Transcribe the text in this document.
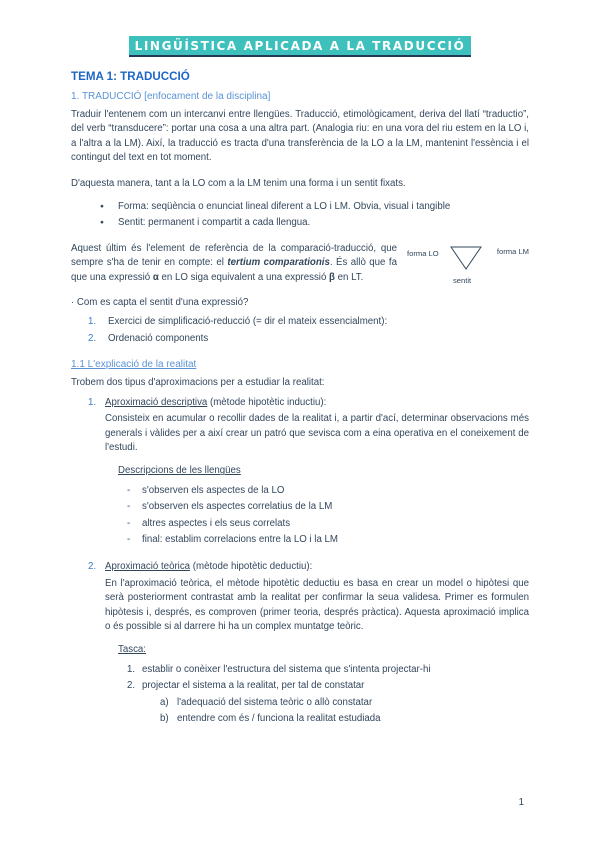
LINGÜÍSTICA APLICADA A LA TRADUCCIÓ
TEMA 1: TRADUCCIÓ
1. TRADUCCIÓ [enfocament de la disciplina]

Traduir l'entenem com un intercanvi entre llengües. Traducció, etimològicament, deriva del llatí “traductio”, del verb “transducere”: portar una cosa a una altra part. (Analogia riu: en una vora del riu estem en la LO i, a l'altra a la LM). Així, la traducció es tracta d'una transferència de la LO a la LM, mantenint l'essència i el contingut del text en tot moment.

D'aquesta manera, tant a la LO com a la LM tenim una forma i un sentit fixats.

●	Forma: seqüència o enunciat lineal diferent a LO i LM. Obvia, visual i tangible
●	Sentit: permanent i compartit a cada llengua.
forma LO	forma LM
sentit
Aquest últim és l'element de referència de la comparació-traducció, que sempre s'ha de tenir en compte: el tertium comparationis. És allò que fa que una expressió α en LO siga equivalent a una expressió β en LT.

· Com es capta el sentit d'una expressió?

1.	Exercici de simplificació-reducció (= dir el mateix essencialment):
2.	Ordenació components
1.1 L'explicació de la realitat

Trobem dos tipus d'aproximacions per a estudiar la realitat:

1. Aproximació descriptiva (mètode hipotètic inductiu):

Consisteix en acumular o recollir dades de la realitat i, a partir d'ací, determinar observacions més generals i vàlides per a així crear un patró que sevisca com a eina operativa en el coneixement de l'estudi.

Descripcions de les llengües
-	s'observen els aspectes de la LO
-	s'observen els aspectes correlatius de la LM
-	altres aspectes i els seus correlats
-	final: establim correlacions entre la LO i la LM
2. Aproximació teòrica (mètode hipotètic deductiu):

En l'aproximació teòrica, el mètode hipotètic deductiu es basa en crear un model o hipòtesi que serà posteriorment contrastat amb la realitat per confirmar la seua validesa. Primer es formulen hipòtesis i, després, es comproven (primer teoria, després pràctica). Aquesta aproximació implica o és possible si al darrere hi ha un complex muntatge teòric.

Tasca:
1. establir o conèixer l'estructura del sistema que s'intenta projectar-hi
2. projectar el sistema a la realitat, per tal de constatar
a) l'adequació del sistema teòric o allò constatar
b) entendre com és / funciona la realitat estudiada
1
